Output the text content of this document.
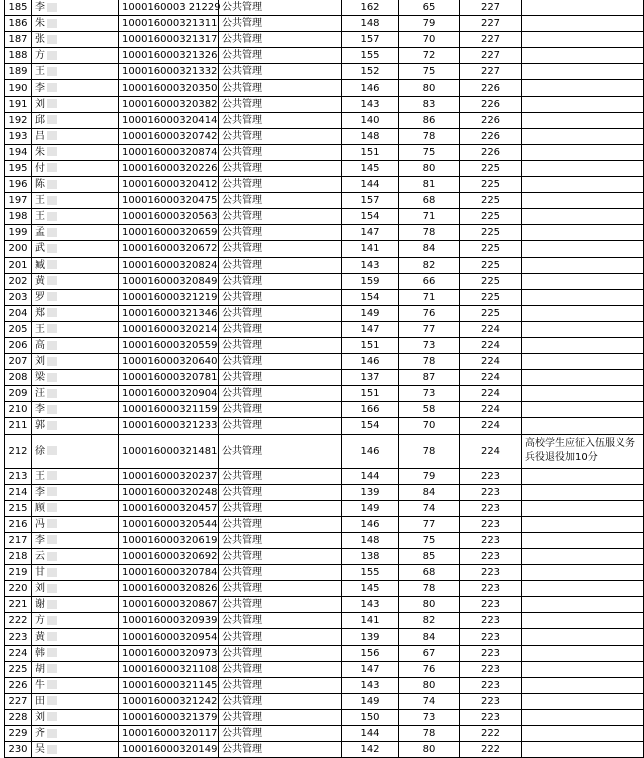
185	李	1000160003 21229	公共管理	162	65	227	
186	朱	100016000321311	公共管理	148	79	227	
187	张	100016000321317	公共管理	157	70	227	
188	方	100016000321326	公共管理	155	72	227	
189	王	100016000321332	公共管理	152	75	227	
190	李	100016000320350	公共管理	146	80	226	
191	刘	100016000320382	公共管理	143	83	226	
192	邱	100016000320414	公共管理	140	86	226	
193	吕	100016000320742	公共管理	148	78	226	
194	朱	100016000320874	公共管理	151	75	226	
195	付	100016000320226	公共管理	145	80	225	
196	陈	100016000320412	公共管理	144	81	225	
197	王	100016000320475	公共管理	157	68	225	
198	王	100016000320563	公共管理	154	71	225	
199	孟	100016000320659	公共管理	147	78	225	
200	武	100016000320672	公共管理	141	84	225	
201	臧	100016000320824	公共管理	143	82	225	
202	黄	100016000320849	公共管理	159	66	225	
203	罗	100016000321219	公共管理	154	71	225	
204	郑	100016000321346	公共管理	149	76	225	
205	王	100016000320214	公共管理	147	77	224	
206	高	100016000320559	公共管理	151	73	224	
207	刘	100016000320640	公共管理	146	78	224	
208	梁	100016000320781	公共管理	137	87	224	
209	汪	100016000320904	公共管理	151	73	224	
210	李	100016000321159	公共管理	166	58	224	
211	郭	100016000321233	公共管理	154	70	224	
212	徐	100016000321481	公共管理	146	78	224	高校学生应征入伍服义务兵役退役加10分
213	王	100016000320237	公共管理	144	79	223	
214	李	100016000320248	公共管理	139	84	223	
215	顾	100016000320457	公共管理	149	74	223	
216	冯	100016000320544	公共管理	146	77	223	
217	李	100016000320619	公共管理	148	75	223	
218	云	100016000320692	公共管理	138	85	223	
219	甘	100016000320784	公共管理	155	68	223	
220	刘	100016000320826	公共管理	145	78	223	
221	谢	100016000320867	公共管理	143	80	223	
222	方	100016000320939	公共管理	141	82	223	
223	黄	100016000320954	公共管理	139	84	223	
224	韩	100016000320973	公共管理	156	67	223	
225	胡	100016000321108	公共管理	147	76	223	
226	牛	100016000321145	公共管理	143	80	223	
227	田	100016000321242	公共管理	149	74	223	
228	刘	100016000321379	公共管理	150	73	223	
229	齐	100016000320117	公共管理	144	78	222	
230	吴	100016000320149	公共管理	142	80	222	
